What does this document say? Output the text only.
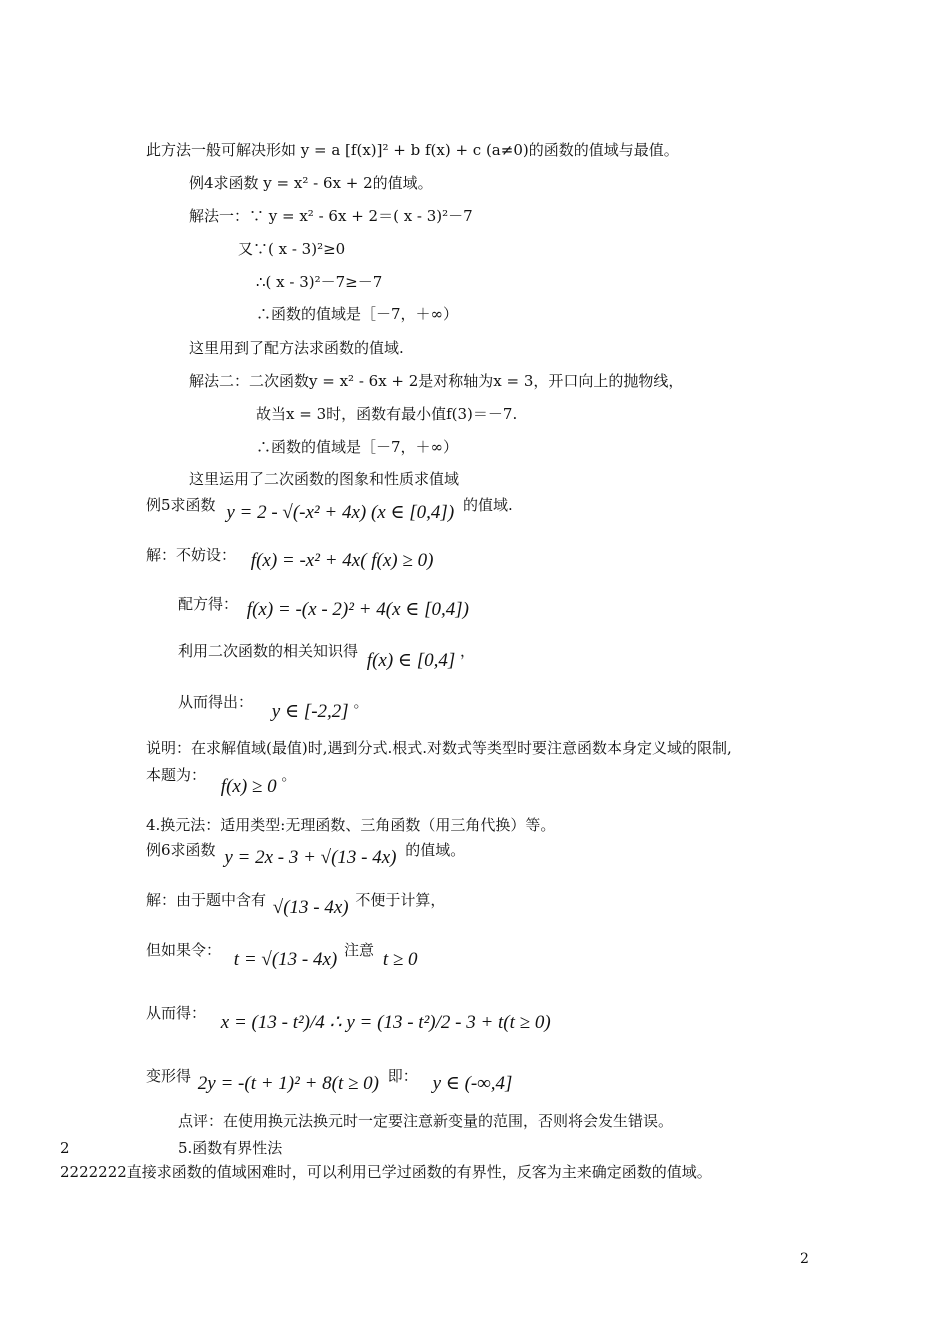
此方法一般可解决形如 y = a [f(x)]² + b f(x) + c (a≠0)的函数的值域与最值。
例4求函数 y = x² - 6x + 2的值域。
解法一：∵ y = x² - 6x + 2＝( x - 3)²－7
又∵( x - 3)²≥0
∴( x - 3)²－7≥－7
∴函数的值域是［－7，＋∞）
这里用到了配方法求函数的值域.
解法二：二次函数y = x² - 6x + 2是对称轴为x = 3，开口向上的抛物线，
故当x = 3时，函数有最小值f(3)＝－7.
∴函数的值域是［－7，＋∞）
这里运用了二次函数的图象和性质求值域
例5求函数 y = 2 - √(-x² + 4x) (x ∈ [0,4]) 的值域.
解：不妨设： f(x) = -x² + 4x( f(x) ≥ 0)
配方得： f(x) = -(x - 2)² + 4(x ∈ [0,4])
利用二次函数的相关知识得 f(x) ∈ [0,4] ，
从而得出： y ∈ [-2,2] 。
说明：在求解值域(最值)时,遇到分式.根式.对数式等类型时要注意函数本身定义域的限制,
本题为： f(x) ≥ 0 。
4.换元法：适用类型:无理函数、三角函数（用三角代换）等。
例6求函数 y = 2x - 3 + √(13 - 4x) 的值域。
解：由于题中含有 √(13 - 4x) 不便于计算，
但如果令： t = √(13 - 4x) 注意 t ≥ 0
从而得： x = (13 - t²)/4 ∴ y = (13 - t²)/2 - 3 + t(t ≥ 0)
变形得 2y = -(t + 1)² + 8(t ≥ 0) 即： y ∈ (-∞,4]
点评：在使用换元法换元时一定要注意新变量的范围，否则将会发生错误。
2	5.函数有界性法
2222222直接求函数的值域困难时，可以利用已学过函数的有界性，反客为主来确定函数的值域。
2
